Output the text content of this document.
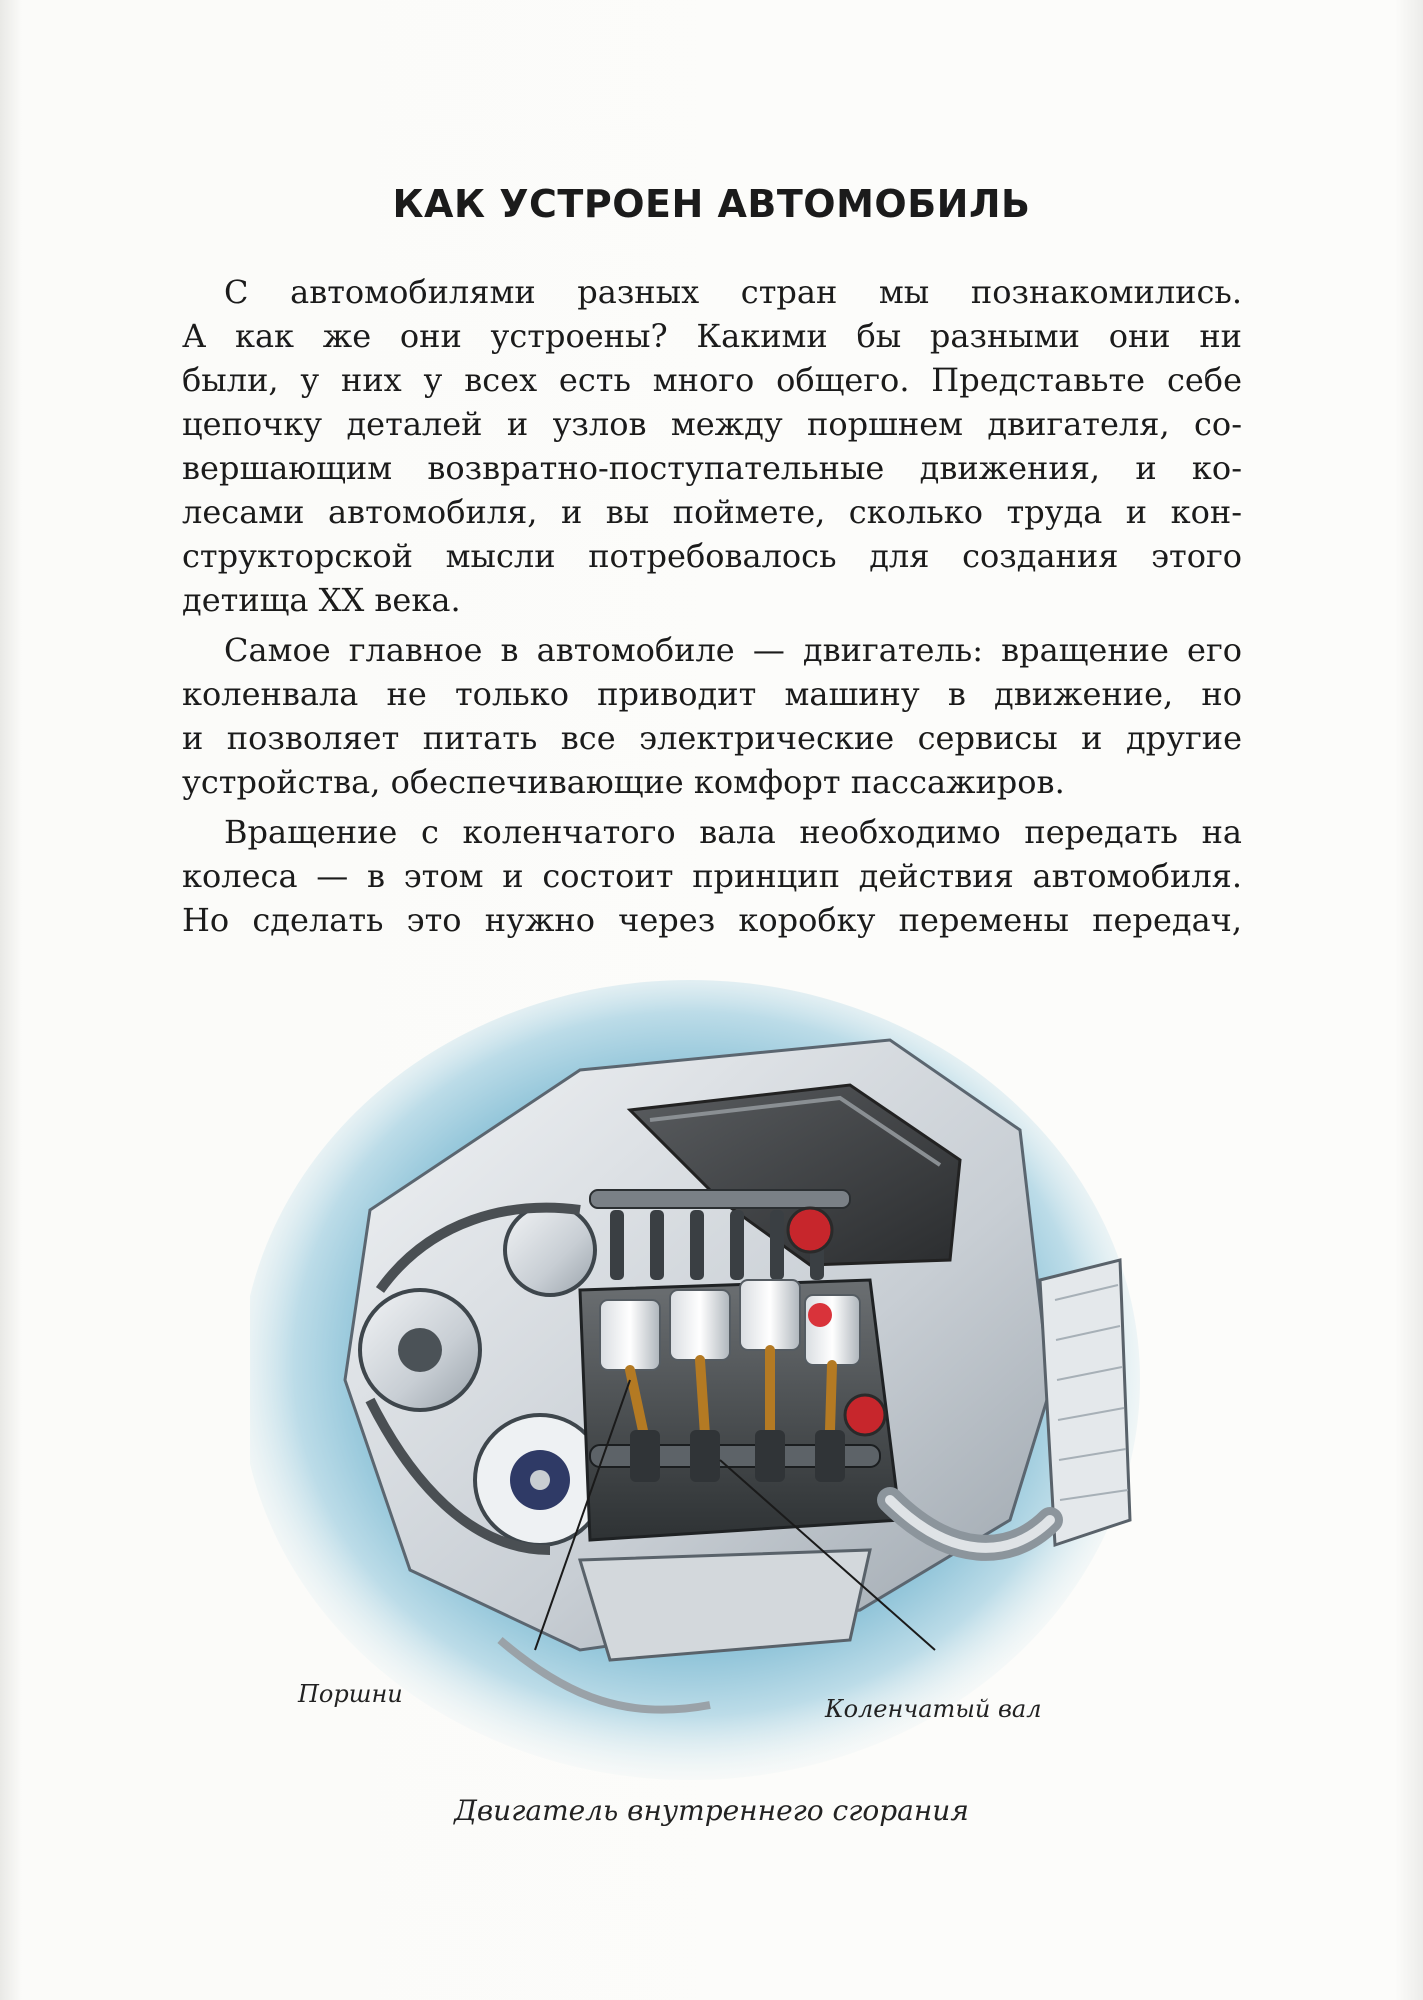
КАК УСТРОЕН АВТОМОБИЛЬ

С автомобилями разных стран мы познакомились.
А как же они устроены? Какими бы разными они ни
были, у них у всех есть много общего. Представьте себе
цепочку деталей и узлов между поршнем двигателя, со-
вершающим возвратно-поступательные движения, и ко-
лесами автомобиля, и вы поймете, сколько труда и кон-
структорской мысли потребовалось для создания этого
детища XX века.

Самое главное в автомобиле — двигатель: вращение его
коленвала не только приводит машину в движение, но
и позволяет питать все электрические сервисы и другие
устройства, обеспечивающие комфорт пассажиров.

Вращение с коленчатого вала необходимо передать на
колеса — в этом и состоит принцип действия автомобиля.
Но сделать это нужно через коробку перемены передач,

Поршни
Коленчатый вал
Двигатель внутреннего сгорания
